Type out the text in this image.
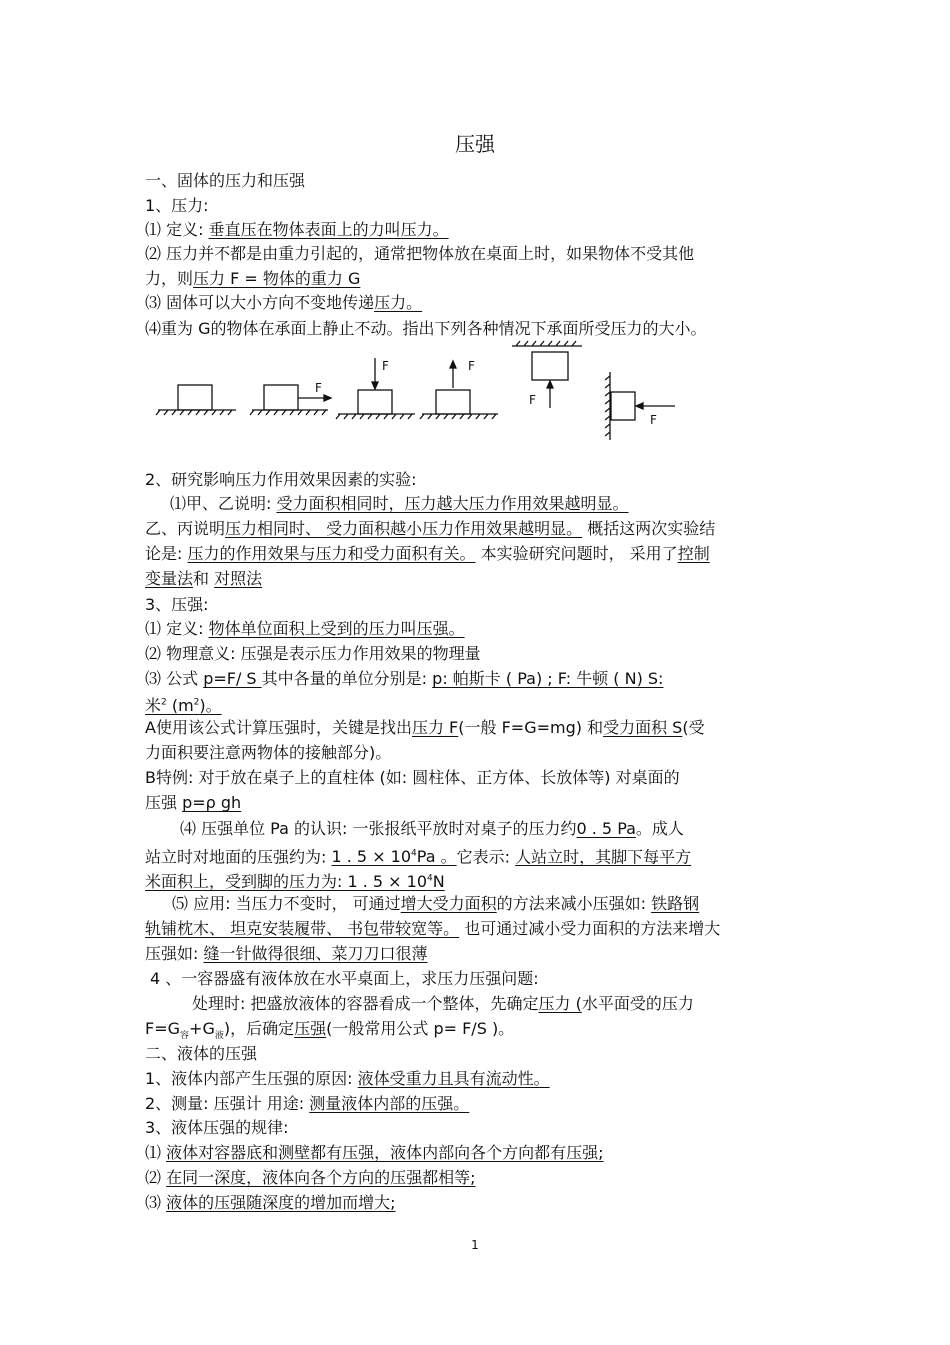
压强
一、固体的压力和压强
1、压力:
⑴ 定义: 垂直压在物体表面上的力叫压力。
⑵ 压力并不都是由重力引起的，通常把物体放在桌面上时，如果物体不受其他
力，则压力 F = 物体的重力 G
⑶ 固体可以大小方向不变地传递压力。
⑷重为 G的物体在承面上静止不动。指出下列各种情况下承面所受压力的大小。
F
F	F
F
F
2、研究影响压力作用效果因素的实验:
⑴甲、乙说明: 受力面积相同时，压力越大压力作用效果越明显。
乙、丙说明压力相同时、 受力面积越小压力作用效果越明显。 概括这两次实验结
论是: 压力的作用效果与压力和受力面积有关。 本实验研究问题时， 采用了控制
变量法和 对照法
3、压强:
⑴ 定义: 物体单位面积上受到的压力叫压强。
⑵ 物理意义: 压强是表示压力作用效果的物理量
⑶ 公式 p=F/ S 其中各量的单位分别是: p: 帕斯卡 ( Pa) ; F: 牛顿 ( N) S:
米$^2$ $(m^2)$。
A使用该公式计算压强时，关键是找出压力 F(一般 F=G=mg) 和受力面积 S(受
力面积要注意两物体的接触部分)。
B特例: 对于放在桌子上的直柱体 (如: 圆柱体、正方体、长放体等) 对桌面的
压强 p=ρ gh
⑷ 压强单位 Pa 的认识: 一张报纸平放时对桌子的压力约0 . 5 Pa。成人
站立时对地面的压强约为: 1 . $5 \times 10^4Pa$ 。它表示: 人站立时，其脚下每平方
米面积上，受到脚的压力为: 1 . $5 \times 10^4N$
⑸ 应用: 当压力不变时， 可通过增大受力面积的方法来减小压强如: 铁路钢
轨铺枕木、 坦克安装履带、 书包带较宽等。 也可通过减小受力面积的方法来增大
压强如: 缝一针做得很细、菜刀刀口很薄
4 、一容器盛有液体放在水平桌面上，求压力压强问题:
处理时: 把盛放液体的容器看成一个整体，先确定压力 (水平面受的压力
$F=G_容+G_液$)，后确定压强(一般常用公式 p= F/S )。
二、液体的压强
1、液体内部产生压强的原因: 液体受重力且具有流动性。
2、测量: 压强计 用途: 测量液体内部的压强。
3、液体压强的规律:
⑴ 液体对容器底和测壁都有压强，液体内部向各个方向都有压强;
⑵ 在同一深度，液体向各个方向的压强都相等;
⑶ 液体的压强随深度的增加而增大;
1
